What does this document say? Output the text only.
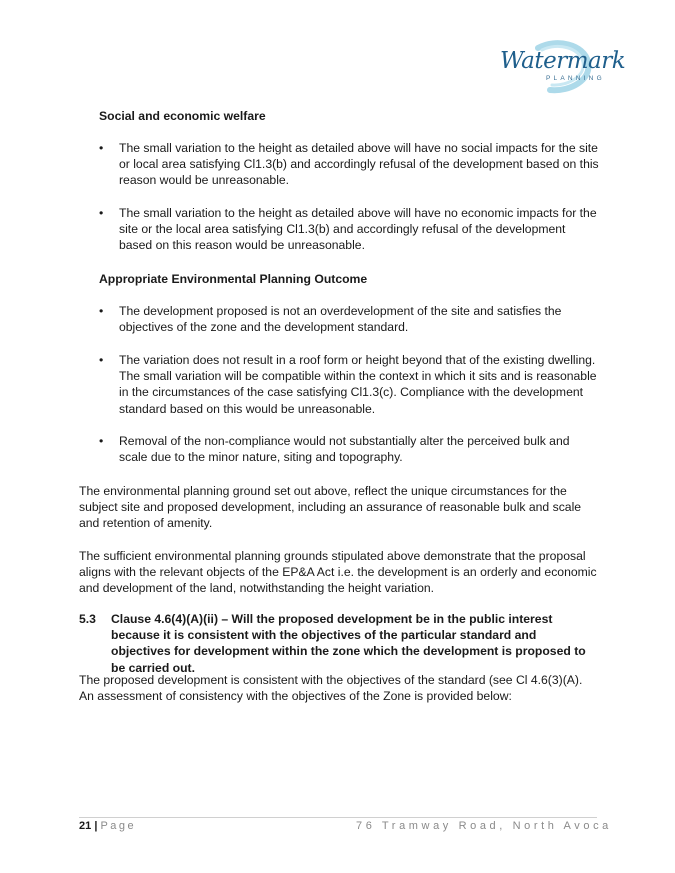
Watermark
PLANNING
Social and economic welfare
• The small variation to the height as detailed above will have no social impacts for the site or local area satisfying Cl1.3(b) and accordingly refusal of the development based on this reason would be unreasonable.
• The small variation to the height as detailed above will have no economic impacts for the site or the local area satisfying Cl1.3(b) and accordingly refusal of the development based on this reason would be unreasonable.
Appropriate Environmental Planning Outcome
• The development proposed is not an overdevelopment of the site and satisfies the objectives of the zone and the development standard.
• The variation does not result in a roof form or height beyond that of the existing dwelling. The small variation will be compatible within the context in which it sits and is reasonable in the circumstances of the case satisfying Cl1.3(c). Compliance with the development standard based on this would be unreasonable.
• Removal of the non-compliance would not substantially alter the perceived bulk and scale due to the minor nature, siting and topography.
The environmental planning ground set out above, reflect the unique circumstances for the subject site and proposed development, including an assurance of reasonable bulk and scale and retention of amenity.
The sufficient environmental planning grounds stipulated above demonstrate that the proposal aligns with the relevant objects of the EP&A Act i.e. the development is an orderly and economic and development of the land, notwithstanding the height variation.
5.3 Clause 4.6(4)(A)(ii) – Will the proposed development be in the public interest because it is consistent with the objectives of the particular standard and objectives for development within the zone which the development is proposed to be carried out.
The proposed development is consistent with the objectives of the standard (see Cl 4.6(3)(A). An assessment of consistency with the objectives of the Zone is provided below:
21 | Page	76 Tramway Road, North Avoca
